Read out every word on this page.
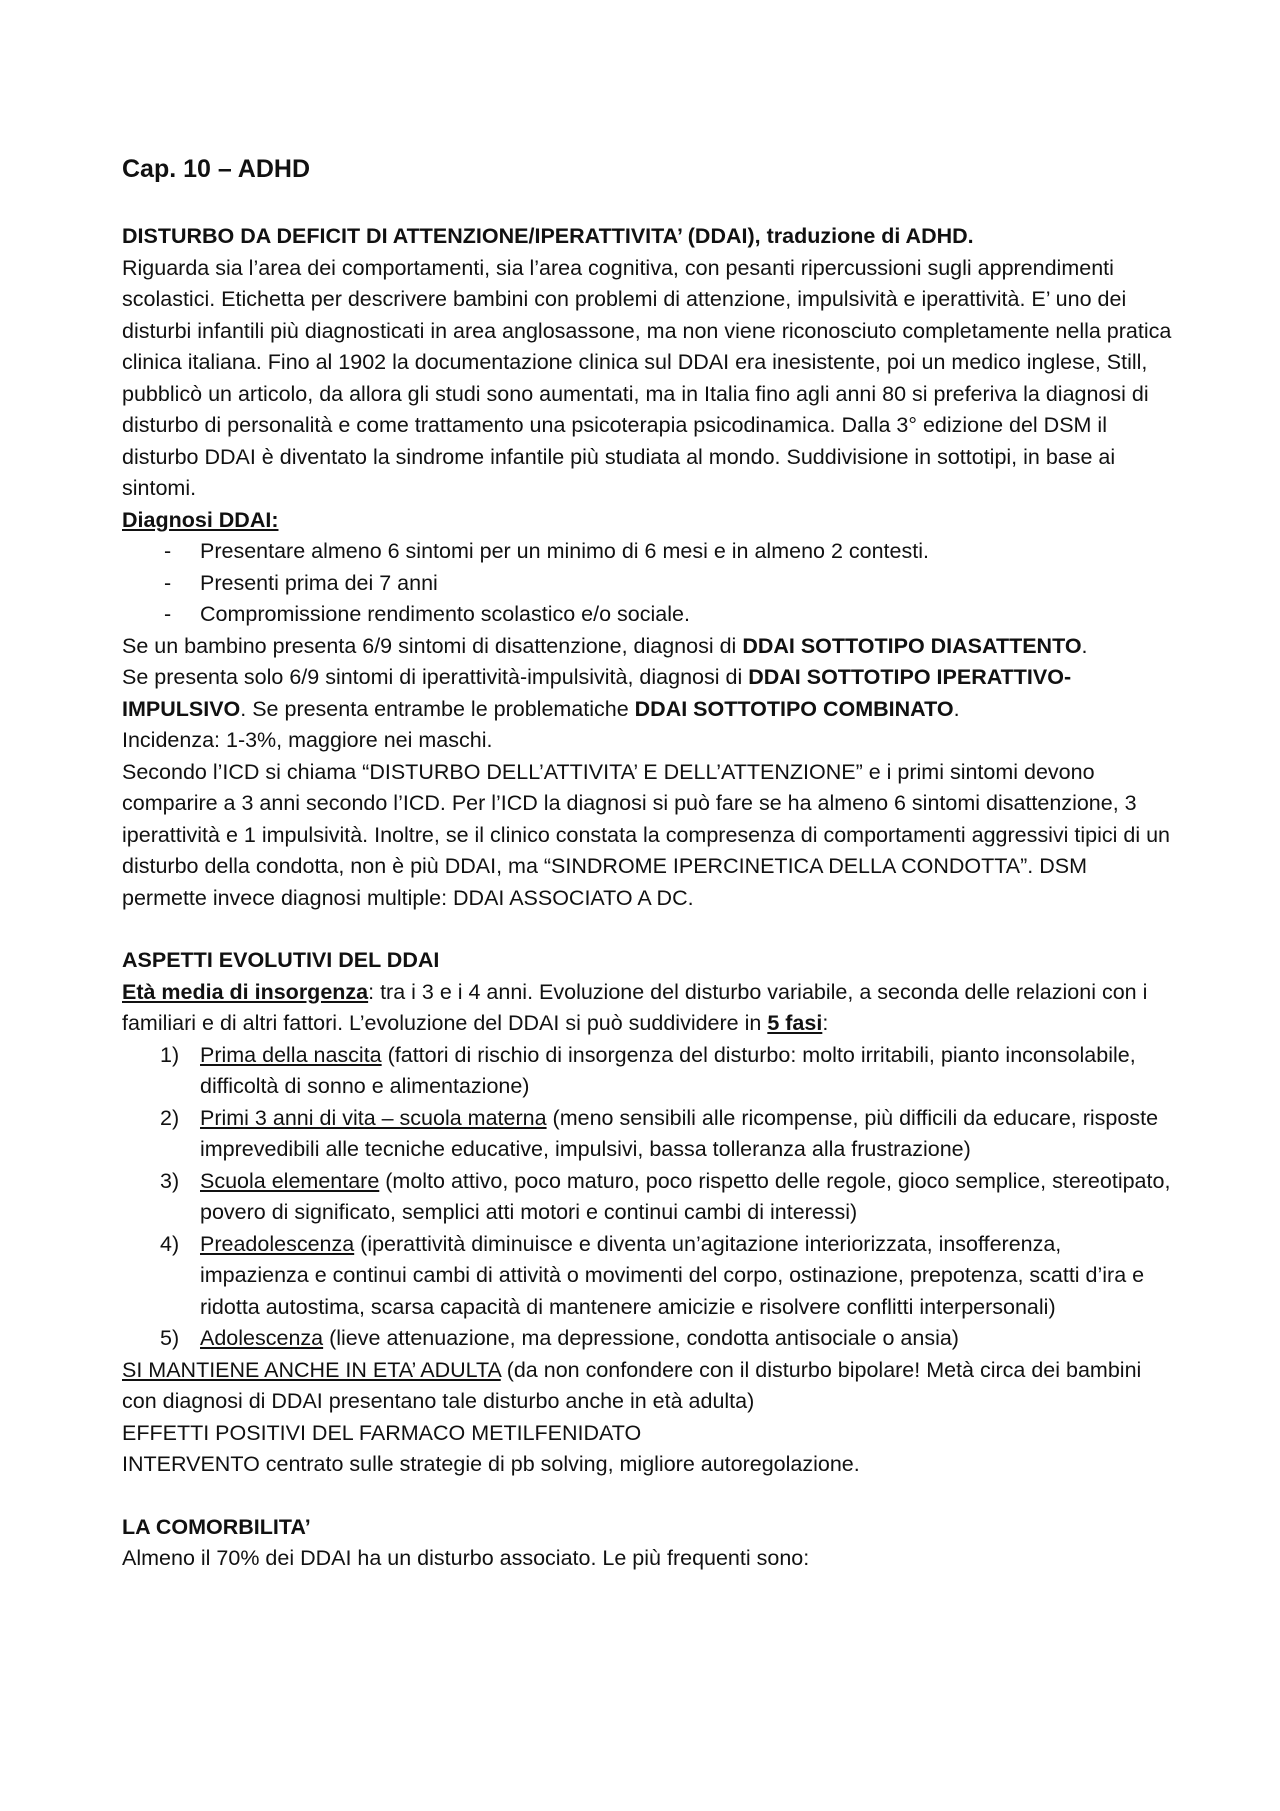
Cap. 10 – ADHD

DISTURBO DA DEFICIT DI ATTENZIONE/IPERATTIVITA’ (DDAI), traduzione di ADHD.

Riguarda sia l’area dei comportamenti, sia l’area cognitiva, con pesanti ripercussioni sugli apprendimenti scolastici. Etichetta per descrivere bambini con problemi di attenzione, impulsività e iperattività. E’ uno dei disturbi infantili più diagnosticati in area anglosassone, ma non viene riconosciuto completamente nella pratica clinica italiana. Fino al 1902 la documentazione clinica sul DDAI era inesistente, poi un medico inglese, Still, pubblicò un articolo, da allora gli studi sono aumentati, ma in Italia fino agli anni 80 si preferiva la diagnosi di disturbo di personalità e come trattamento una psicoterapia psicodinamica. Dalla 3° edizione del DSM il disturbo DDAI è diventato la sindrome infantile più studiata al mondo. Suddivisione in sottotipi, in base ai sintomi.

Diagnosi DDAI:

- Presentare almeno 6 sintomi per un minimo di 6 mesi e in almeno 2 contesti.
- Presenti prima dei 7 anni
- Compromissione rendimento scolastico e/o sociale.

Se un bambino presenta 6/9 sintomi di disattenzione, diagnosi di DDAI SOTTOTIPO DIASATTENTO.

Se presenta solo 6/9 sintomi di iperattività-impulsività, diagnosi di DDAI SOTTOTIPO IPERATTIVO-IMPULSIVO. Se presenta entrambe le problematiche DDAI SOTTOTIPO COMBINATO.

Incidenza: 1-3%, maggiore nei maschi.

Secondo l’ICD si chiama “DISTURBO DELL’ATTIVITA’ E DELL’ATTENZIONE” e i primi sintomi devono comparire a 3 anni secondo l’ICD. Per l’ICD la diagnosi si può fare se ha almeno 6 sintomi disattenzione, 3 iperattività e 1 impulsività. Inoltre, se il clinico constata la compresenza di comportamenti aggressivi tipici di un disturbo della condotta, non è più DDAI, ma “SINDROME IPERCINETICA DELLA CONDOTTA”. DSM permette invece diagnosi multiple: DDAI ASSOCIATO A DC.

ASPETTI EVOLUTIVI DEL DDAI

Età media di insorgenza: tra i 3 e i 4 anni. Evoluzione del disturbo variabile, a seconda delle relazioni con i familiari e di altri fattori. L’evoluzione del DDAI si può suddividere in 5 fasi:

1) Prima della nascita (fattori di rischio di insorgenza del disturbo: molto irritabili, pianto inconsolabile, difficoltà di sonno e alimentazione)
2) Primi 3 anni di vita – scuola materna (meno sensibili alle ricompense, più difficili da educare, risposte imprevedibili alle tecniche educative, impulsivi, bassa tolleranza alla frustrazione)
3) Scuola elementare (molto attivo, poco maturo, poco rispetto delle regole, gioco semplice, stereotipato, povero di significato, semplici atti motori e continui cambi di interessi)
4) Preadolescenza (iperattività diminuisce e diventa un’agitazione interiorizzata, insofferenza, impazienza e continui cambi di attività o movimenti del corpo, ostinazione, prepotenza, scatti d’ira e ridotta autostima, scarsa capacità di mantenere amicizie e risolvere conflitti interpersonali)
5) Adolescenza (lieve attenuazione, ma depressione, condotta antisociale o ansia)

SI MANTIENE ANCHE IN ETA’ ADULTA (da non confondere con il disturbo bipolare! Metà circa dei bambini con diagnosi di DDAI presentano tale disturbo anche in età adulta)

EFFETTI POSITIVI DEL FARMACO METILFENIDATO

INTERVENTO centrato sulle strategie di pb solving, migliore autoregolazione.

LA COMORBILITA’

Almeno il 70% dei DDAI ha un disturbo associato. Le più frequenti sono:
